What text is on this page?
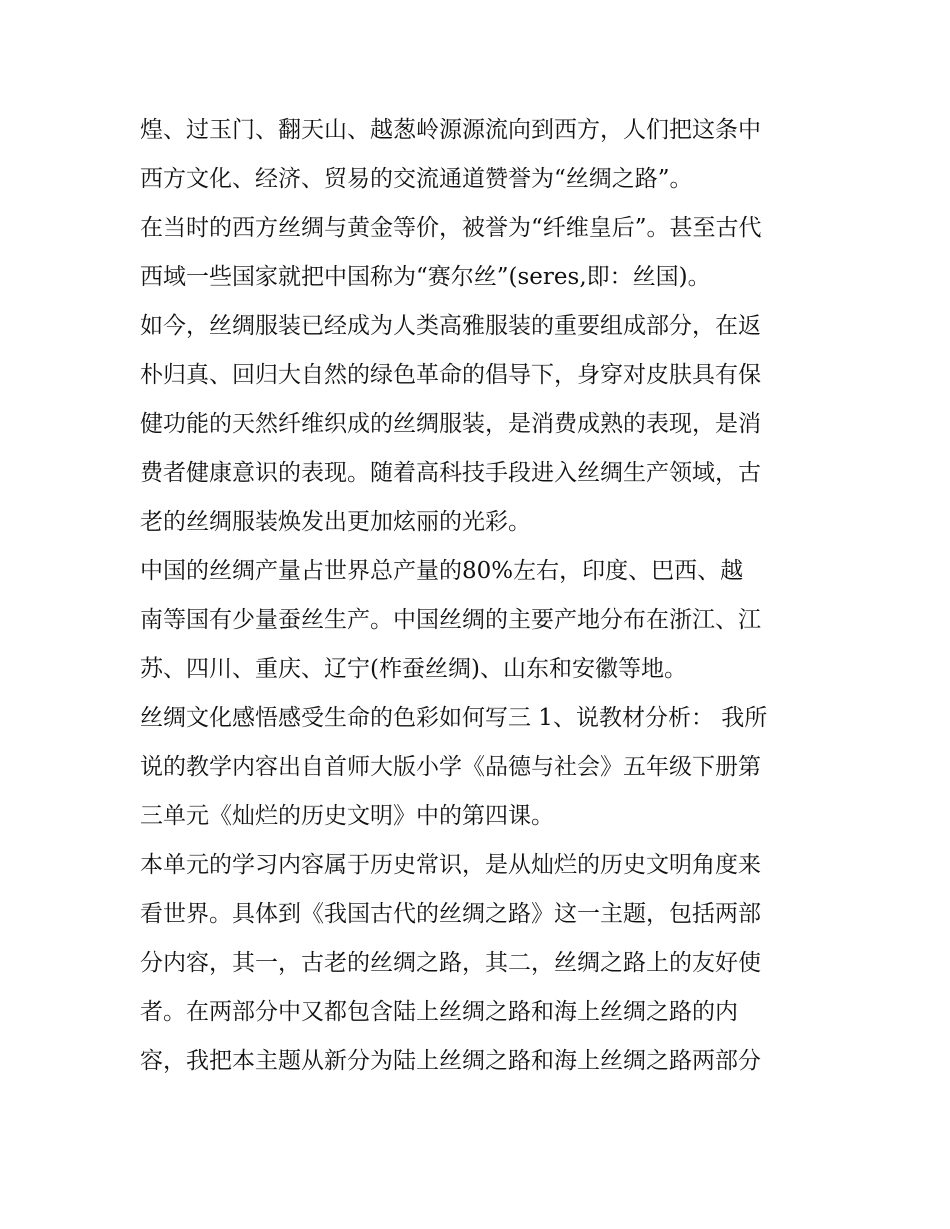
煌、过玉门、翻天山、越葱岭源源流向到西方，人们把这条中
西方文化、经济、贸易的交流通道赞誉为“丝绸之路”。

在当时的西方丝绸与黄金等价，被誉为“纤维皇后”。甚至古代
西域一些国家就把中国称为“赛尔丝”(seres,即：丝国)。

如今，丝绸服装已经成为人类高雅服装的重要组成部分，在返
朴归真、回归大自然的绿色革命的倡导下，身穿对皮肤具有保
健功能的天然纤维织成的丝绸服装，是消费成熟的表现，是消
费者健康意识的表现。随着高科技手段进入丝绸生产领域，古
老的丝绸服装焕发出更加炫丽的光彩。

中国的丝绸产量占世界总产量的80%左右，印度、巴西、越
南等国有少量蚕丝生产。中国丝绸的主要产地分布在浙江、江
苏、四川、重庆、辽宁(柞蚕丝绸)、山东和安徽等地。

丝绸文化感悟感受生命的色彩如何写三 1、说教材分析： 我所
说的教学内容出自首师大版小学《品德与社会》五年级下册第
三单元《灿烂的历史文明》中的第四课。

本单元的学习内容属于历史常识，是从灿烂的历史文明角度来
看世界。具体到《我国古代的丝绸之路》这一主题，包括两部
分内容，其一，古老的丝绸之路，其二，丝绸之路上的友好使
者。在两部分中又都包含陆上丝绸之路和海上丝绸之路的内
容，我把本主题从新分为陆上丝绸之路和海上丝绸之路两部分
